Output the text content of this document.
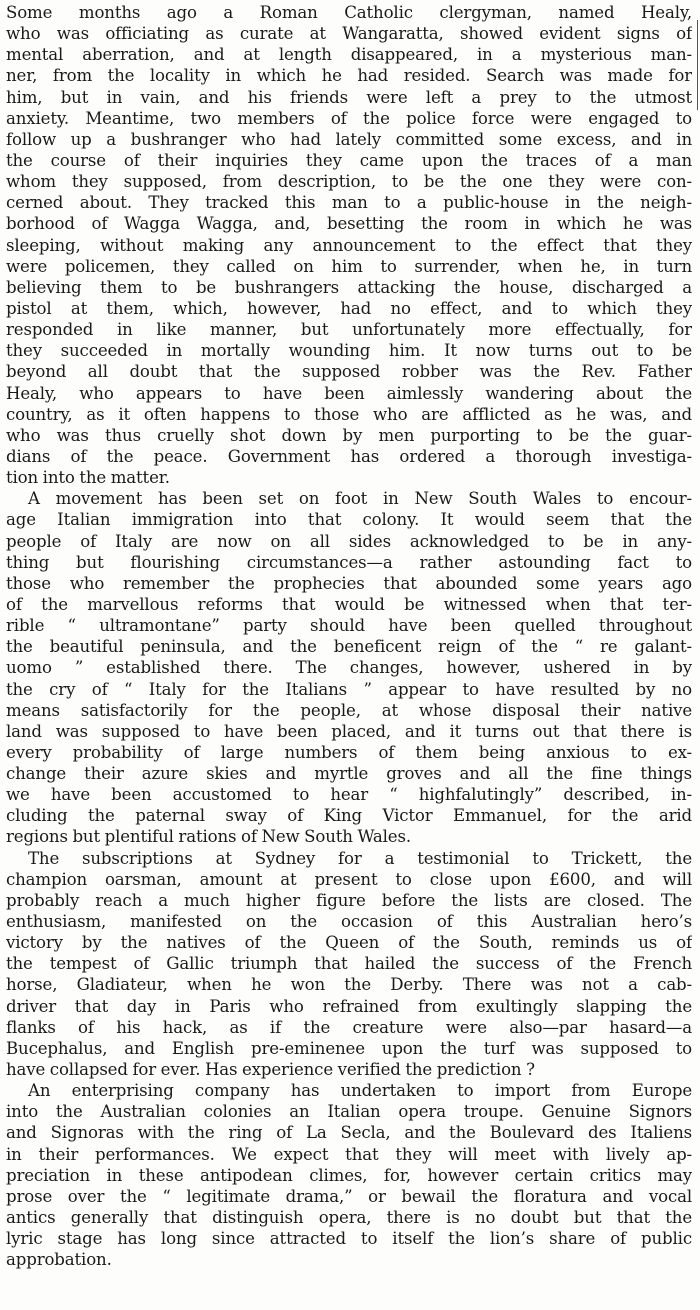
Some months ago a Roman Catholic clergyman, named Healy,
who was officiating as curate at Wangaratta, showed evident signs of
mental aberration, and at length disappeared, in a mysterious man-
ner, from the locality in which he had resided. Search was made for
him, but in vain, and his friends were left a prey to the utmost
anxiety. Meantime, two members of the police force were engaged to
follow up a bushranger who had lately committed some excess, and in
the course of their inquiries they came upon the traces of a man
whom they supposed, from description, to be the one they were con-
cerned about. They tracked this man to a public-house in the neigh-
borhood of Wagga Wagga, and, besetting the room in which he was
sleeping, without making any announcement to the effect that they
were policemen, they called on him to surrender, when he, in turn
believing them to be bushrangers attacking the house, discharged a
pistol at them, which, however, had no effect, and to which they
responded in like manner, but unfortunately more effectually, for
they succeeded in mortally wounding him. It now turns out to be
beyond all doubt that the supposed robber was the Rev. Father
Healy, who appears to have been aimlessly wandering about the
country, as it often happens to those who are afflicted as he was, and
who was thus cruelly shot down by men purporting to be the guar-
dians of the peace. Government has ordered a thorough investiga-
tion into the matter.

A movement has been set on foot in New South Wales to encour-
age Italian immigration into that colony. It would seem that the
people of Italy are now on all sides acknowledged to be in any-
thing but flourishing circumstances—a rather astounding fact to
those who remember the prophecies that abounded some years ago
of the marvellous reforms that would be witnessed when that ter-
rible “ ultramontane” party should have been quelled throughout
the beautiful peninsula, and the beneficent reign of the “ re galant-
uomo ” established there. The changes, however, ushered in by
the cry of “ Italy for the Italians ” appear to have resulted by no
means satisfactorily for the people, at whose disposal their native
land was supposed to have been placed, and it turns out that there is
every probability of large numbers of them being anxious to ex-
change their azure skies and myrtle groves and all the fine things
we have been accustomed to hear “ highfalutingly” described, in-
cluding the paternal sway of King Victor Emmanuel, for the arid
regions but plentiful rations of New South Wales.

The subscriptions at Sydney for a testimonial to Trickett, the
champion oarsman, amount at present to close upon £600, and will
probably reach a much higher figure before the lists are closed. The
enthusiasm, manifested on the occasion of this Australian hero’s
victory by the natives of the Queen of the South, reminds us of
the tempest of Gallic triumph that hailed the success of the French
horse, Gladiateur, when he won the Derby. There was not a cab-
driver that day in Paris who refrained from exultingly slapping the
flanks of his hack, as if the creature were also—par hasard—a
Bucephalus, and English pre-eminenee upon the turf was supposed to
have collapsed for ever. Has experience verified the prediction ?

An enterprising company has undertaken to import from Europe
into the Australian colonies an Italian opera troupe. Genuine Signors
and Signoras with the ring of La Secla, and the Boulevard des Italiens
in their performances. We expect that they will meet with lively ap-
preciation in these antipodean climes, for, however certain critics may
prose over the “ legitimate drama,” or bewail the floratura and vocal
antics generally that distinguish opera, there is no doubt but that the
lyric stage has long since attracted to itself the lion’s share of public
approbation.
